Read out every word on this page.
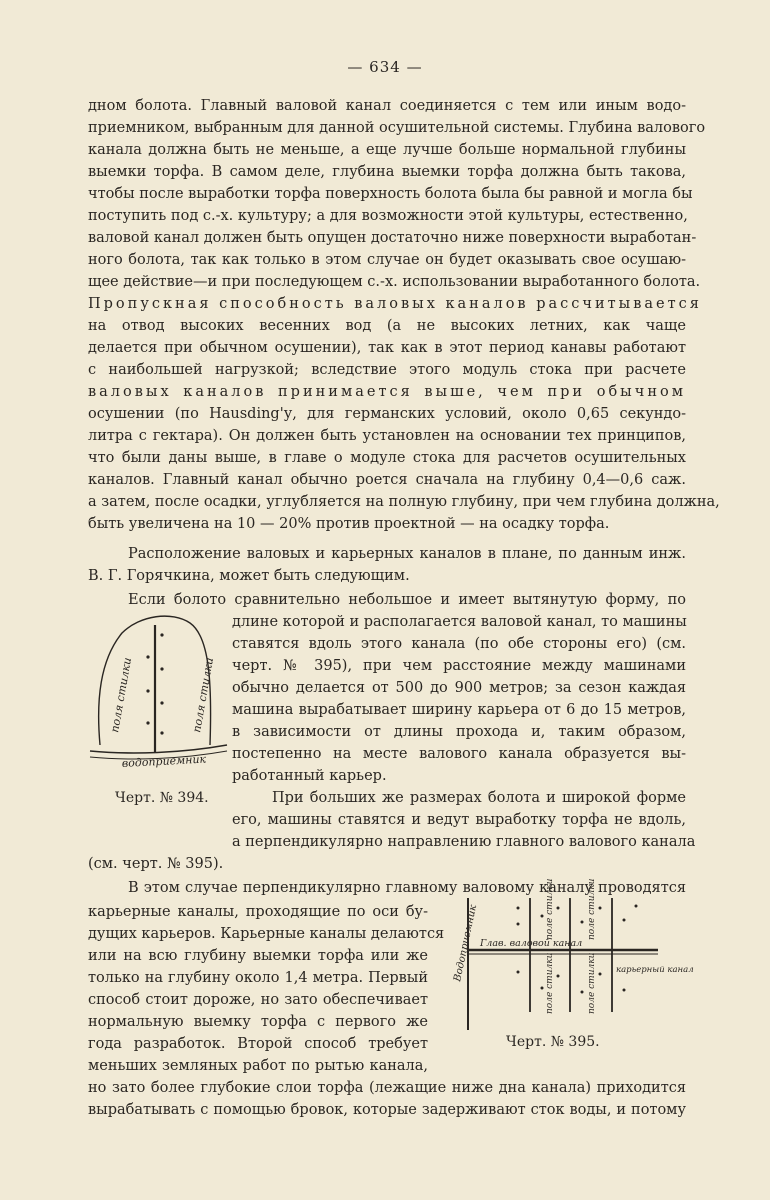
— 634 —
дном болота. Главный валовой канал соединяется с тем или иным водо-
приемником, выбранным для данной осушительной системы. Глубина валового
канала должна быть не меньше, а еще лучше больше нормальной глубины
выемки торфа. В самом деле, глубина выемки торфа должна быть такова,
чтобы после выработки торфа поверхность болота была бы равной и могла бы
поступить под с.-х. культуру; а для возможности этой культуры, естественно,
валовой канал должен быть опущен достаточно ниже поверхности выработан-
ного болота, так как только в этом случае он будет оказывать свое осушаю-
щее действие—и при последующем с.-х. использовании выработанного болота.
Пропускная способность валовых каналов рассчитывается
на отвод высоких весенних вод (а не высоких летних, как чаще
делается при обычном осушении), так как в этот период канавы работают
с наибольшей нагрузкой; вследствие этого модуль стока при расчете
валовых каналов принимается выше, чем при обычном
осушении (по Hausding'у, для германских условий, около 0,65 секундо-
литра с гектара). Он должен быть установлен на основании тех принципов,
что были даны выше, в главе о модуле стока для расчетов осушительных
каналов. Главный канал обычно роется сначала на глубину 0,4—0,6 саж.
а затем, после осадки, углубляется на полную глубину, при чем глубина должна,
быть увеличена на 10 — 20% против проектной — на осадку торфа.
Расположение валовых и карьерных каналов в плане, по данным инж.
В. Г. Горячкина, может быть следующим.
Если болото сравнительно небольшое и имеет вытянутую форму, по
поля стилки	поля стилки
водоприемник
Черт. № 394.
длине которой и располагается валовой канал, то машины
ставятся вдоль этого канала (по обе стороны его) (см.
черт. № 395), при чем расстояние между машинами
обычно делается от 500 до 900 метров; за сезон каждая
машина вырабатывает ширину карьера от 6 до 15 метров,
в зависимости от длины прохода и, таким образом,
постепенно на месте валового канала образуется вы-
работанный карьер.
При больших же размерах болота и широкой форме
его, машины ставятся и ведут выработку торфа не вдоль,
а перпендикулярно направлению главного валового канала
(см. черт. № 395).
В этом случае перпендикулярно главному валовому каналу проводятся
карьерные каналы, проходящие по оси бу-
дущих карьеров. Карьерные каналы делаются
или на всю глубину выемки торфа или же
только на глубину около 1,4 метра. Первый
способ стоит дороже, но зато обеспечивает
нормальную выемку торфа с первого же
года разработок. Второй способ требует
меньших земляных работ по рытью канала,
Водоприемник Глав. валовой канал
поле стилки	поле стилки
поле стилки	поле стилки карьерный канал
Черт. № 395.
но зато более глубокие слои торфа (лежащие ниже дна канала) приходится
вырабатывать с помощью бровок, которые задерживают сток воды, и потому
